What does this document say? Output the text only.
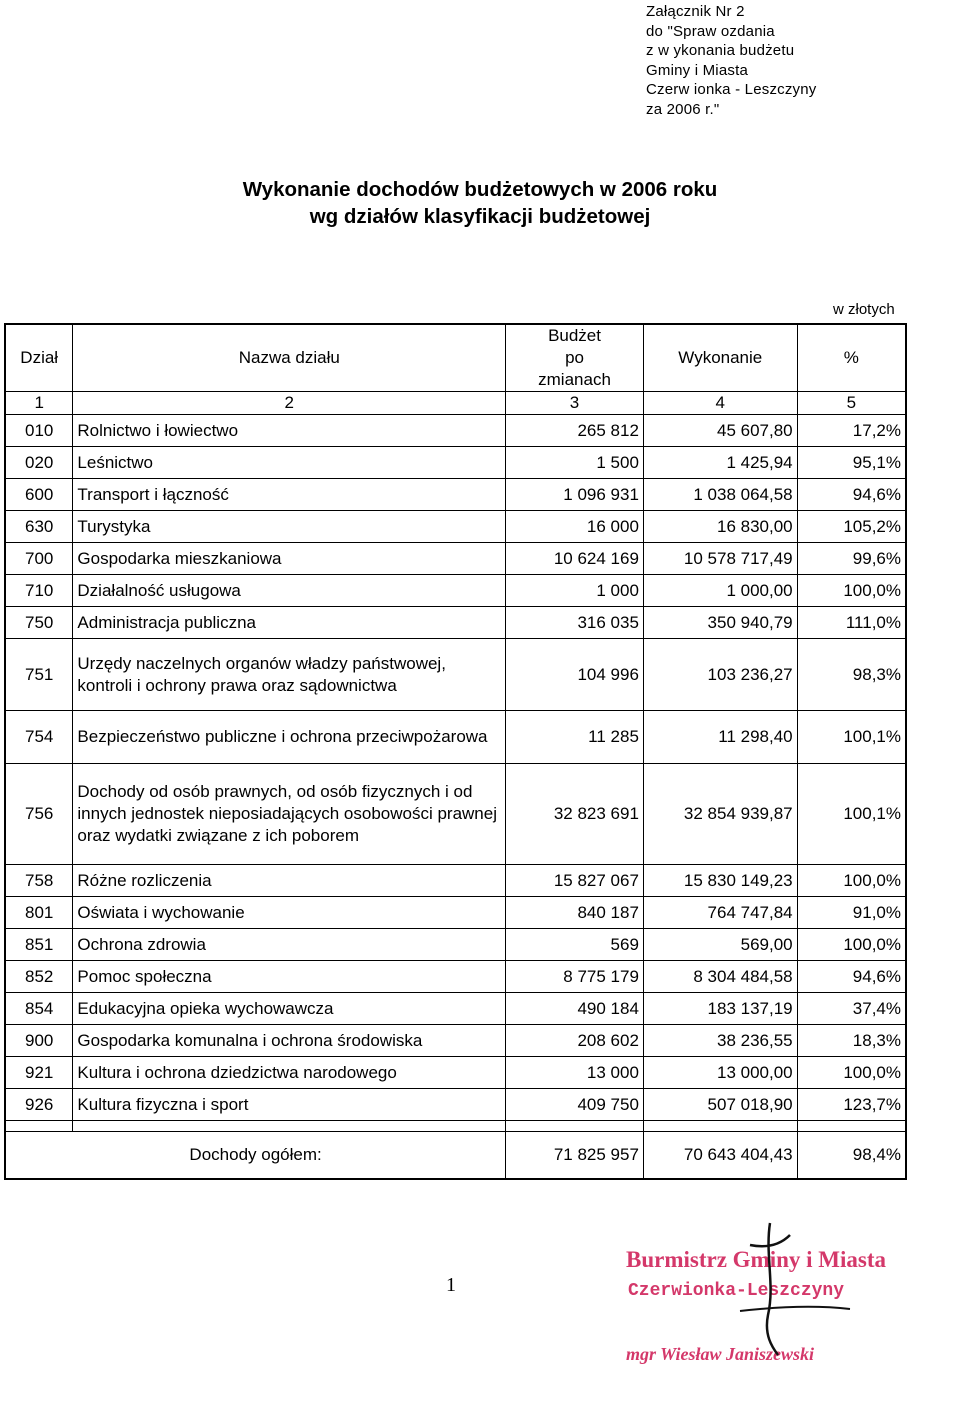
Załącznik Nr 2
do "Spraw ozdania
z w ykonania budżetu
Gminy i Miasta
Czerw ionka - Leszczyny
za 2006 r."
Wykonanie dochodów budżetowych w 2006 roku
wg działów klasyfikacji budżetowej
w złotych
Dział	Nazwa działu	Budżet
po
zmianach	Wykonanie	%
1	2	3	4	5
010	Rolnictwo i łowiectwo	265 812	45 607,80	17,2%
020	Leśnictwo	1 500	1 425,94	95,1%
600	Transport i łączność	1 096 931	1 038 064,58	94,6%
630	Turystyka	16 000	16 830,00	105,2%
700	Gospodarka mieszkaniowa	10 624 169	10 578 717,49	99,6%
710	Działalność usługowa	1 000	1 000,00	100,0%
750	Administracja publiczna	316 035	350 940,79	111,0%
751	Urzędy naczelnych organów władzy państwowej, kontroli i ochrony prawa oraz sądownictwa	104 996	103 236,27	98,3%
754	Bezpieczeństwo publiczne i ochrona przeciwpożarowa	11 285	11 298,40	100,1%
756	Dochody od osób prawnych, od osób fizycznych i od innych jednostek nieposiadających osobowości prawnej oraz wydatki związane z ich poborem	32 823 691	32 854 939,87	100,1%
758	Różne rozliczenia	15 827 067	15 830 149,23	100,0%
801	Oświata i wychowanie	840 187	764 747,84	91,0%
851	Ochrona zdrowia	569	569,00	100,0%
852	Pomoc społeczna	8 775 179	8 304 484,58	94,6%
854	Edukacyjna opieka wychowawcza	490 184	183 137,19	37,4%
900	Gospodarka komunalna i ochrona środowiska	208 602	38 236,55	18,3%
921	Kultura i ochrona dziedzictwa narodowego	13 000	13 000,00	100,0%
926	Kultura fizyczna i sport	409 750	507 018,90	123,7%

Dochody ogółem:		71 825 957	70 643 404,43	98,4%
1
Burmistrz Gminy i Miasta
Czerwionka-Leszczyny
mgr Wiesław Janiszewski
